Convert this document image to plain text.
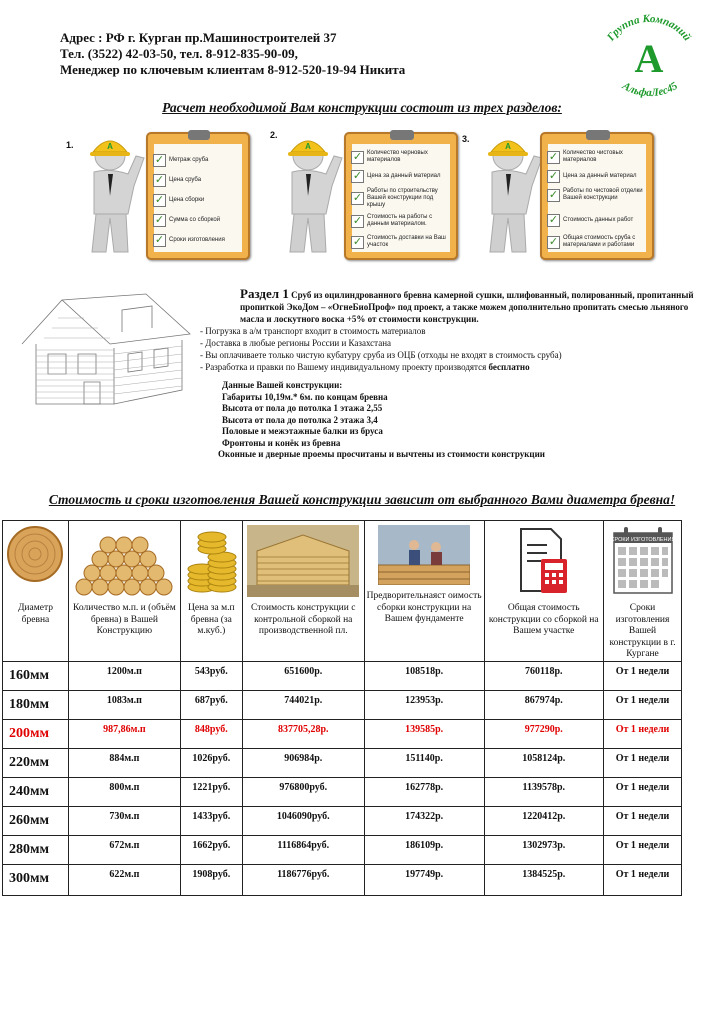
Адрес : РФ г. Курган пр.Машиностроителей 37
Тел. (3522) 42-03-50, тел. 8-912-835-90-09,
Менеджер по ключевым клиентам 8-912-520-19-94 Никита
Группа Компаний
А
АльфаЛес45
Расчет необходимой Вам конструкции состоит из трех разделов:
1.	A
✓ Метраж сруба
✓ Цена сруба
✓ Цена сборки
✓ Сумма со сборкой
✓ Сроки изготовления
2.
A
✓ Количество черновых материалов
✓ Цена за данный материал
✓
Работы по строительству Вашей конструкции под крышу
✓ Стоимость на работы с данным материалом.
✓ Стоимость доставки на Ваш участок
3.
A
✓ Количество чистовых материалов
✓ Цена за данный материал
✓ Работы по чистовой отделки Вашей конструкции
✓ Стоимость данных работ
✓ Общая стоимость сруба с материалами и работами
Раздел 1 Сруб из оцилиндрованного бревна камерной сушки, шлифованный, полированный, пропитанный пропиткой ЭкоДом – «ОгнеБиоПроф» под проект, а также можем дополнительно пропитать смесью льняного масла и лоскутного воска +5% от стоимости конструкции.
- Погрузка в а/м транспорт входит в стоимость материалов
- Доставка в любые регионы России и Казахстана
- Вы оплачиваете только чистую кубатуру сруба из ОЦБ (отходы не входят в стоимость сруба)
- Разработка и правки по Вашему индивидуальному проекту производятся бесплатно
Данные Вашей конструкции:
Габариты 10,19м.* 6м. по концам бревна
Высота от пола до потолка 1 этажа 2,55
Высота от пола до потолка 2 этажа 3,4
Половые и межэтажные балки из бруса
Фронтоны и конёк из бревна
Оконные и дверные проемы просчитаны и вычтены из стоимости конструкции
Стоимость и сроки изготовления Вашей конструкции зависит от выбранного Вами диаметра бревна!
Диаметр бревна	Количество м.п. и (объём бревна) в Вашей Конструкцию	Цена за м.п бревна (за м.куб.)	Стоимость конструкции с контрольной сборкой на производственной пл.	Предворительнаяст оимость сборки конструкции на Вашем фундаменте	Общая стоимость конструкции со сборкой на Вашем участке	СРОКИ ИЗГОТОВЛЕНИЯ
Сроки изготовления Вашей конструкции в г. Кургане

160мм	1200м.п	543руб.	651600р.	108518р.	760118р.	От 1 недели
180мм	1083м.п	687руб.	744021р.	123953р.	867974р.	От 1 недели
200мм	987,86м.п	848руб.	837705,28р.	139585р.	977290р.	От 1 недели
220мм	884м.п	1026руб.	906984р.	151140р.	1058124р.	От 1 недели
240мм	800м.п	1221руб.	976800руб.	162778р.	1139578р.	От 1 недели
260мм	730м.п	1433руб.	1046090руб.	174322р.	1220412р.	От 1 недели
280мм	672м.п	1662руб.	1116864руб.	186109р.	1302973р.	От 1 недели
300мм	622м.п	1908руб.	1186776руб.	197749р.	1384525р.	От 1 недели
